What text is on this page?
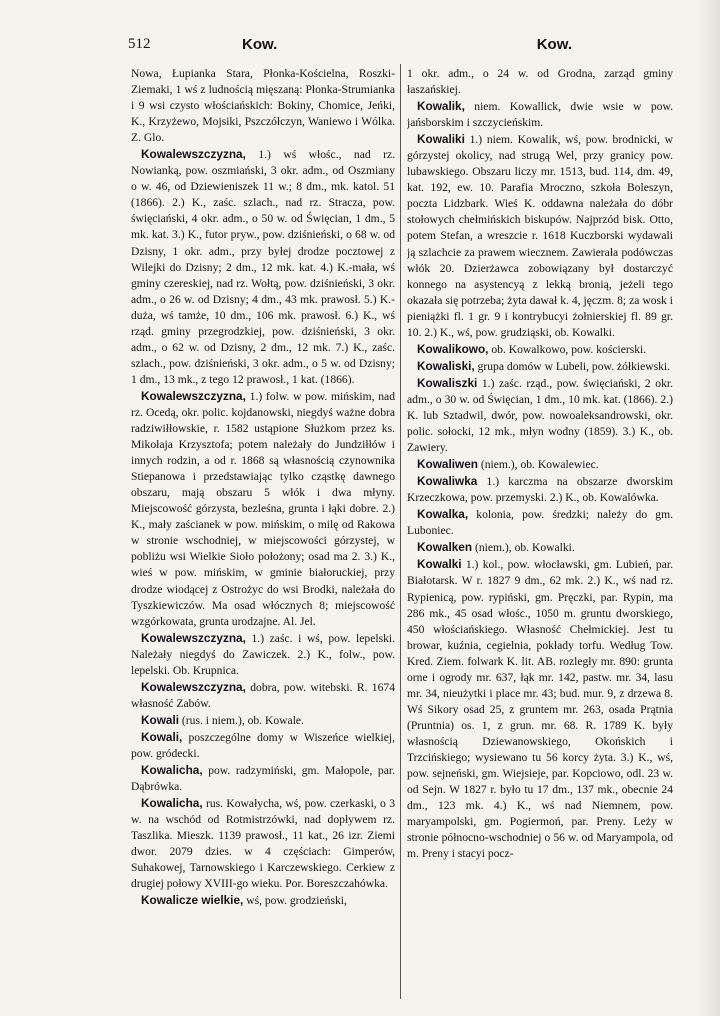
512	Kow.	Kow.

Nowa, Łupianka Stara, Płonka-Kościelna, Roszki-Ziemaki, 1 wś z ludnością mięszaną: Płonka-Strumianka i 9 wsi czysto włościańskich: Bokiny, Chomice, Jeńki, K., Krzyżewo, Mojsiki, Pszczółczyn, Waniewo i Wólka. Z. Glo.

Kowalewszczyzna, 1.) wś włośc., nad rz. Nowianką, pow. oszmiański, 3 okr. adm., od Oszmiany o w. 46, od Dziewieniszek 11 w.; 8 dm., mk. katol. 51 (1866). 2.) K., zaśc. szlach., nad rz. Stracza, pow. święciański, 4 okr. adm., o 50 w. od Święcian, 1 dm., 5 mk. kat. 3.) K., futor pryw., pow. dziśnieński, o 68 w. od Dzisny, 1 okr. adm., przy byłej drodze pocztowej z Wilejki do Dzisny; 2 dm., 12 mk. kat. 4.) K.-mała, wś gminy czereskiej, nad rz. Wołtą, pow. dziśnieński, 3 okr. adm., o 26 w. od Dzisny; 4 dm., 43 mk. prawosł. 5.) K.-duża, wś tamże, 10 dm., 106 mk. prawosł. 6.) K., wś rząd. gminy przegrodzkiej, pow. dziśnieński, 3 okr. adm., o 62 w. od Dzisny, 2 dm., 12 mk. 7.) K., zaśc. szlach., pow. dziśnieński, 3 okr. adm., o 5 w. od Dzisny; 1 dm., 13 mk., z tego 12 prawosł., 1 kat. (1866).

Kowalewszczyzna, 1.) folw. w pow. mińskim, nad rz. Ocedą, okr. polic. kojdanowski, niegdyś ważne dobra radziwiłłowskie, r. 1582 ustąpione Służkom przez ks. Mikołaja Krzysztofa; potem należały do Jundziłłów i innych rodzin, a od r. 1868 są własnością czynownika Stiepanowa i przedstawiając tylko cząstkę dawnego obszaru, mają obszaru 5 włók i dwa młyny. Miejscowość górzysta, bezleśna, grunta i łąki dobre. 2.) K., mały zaścianek w pow. mińskim, o milę od Rakowa w stronie wschodniej, w miejscowości górzystej, w pobliżu wsi Wielkie Sioło położony; osad ma 2. 3.) K., wieś w pow. mińskim, w gminie białoruckiej, przy drodze wiodącej z Ostrożyc do wsi Brodki, należała do Tyszkiewiczów. Ma osad włócznych 8; miejscowość wzgórkowata, grunta urodzajne. Al. Jel.

Kowalewszczyzna, 1.) zaśc. i wś, pow. lepelski. Należały niegdyś do Zawiczek. 2.) K., folw., pow. lepelski. Ob. Krupnica.

Kowalewszczyzna, dobra, pow. witebski. R. 1674 własność Zabów.

Kowali (rus. i niem.), ob. Kowale.

Kowali, poszczególne domy w Wiszeńce wielkiej, pow. gródecki.

Kowalicha, pow. radzymiński, gm. Małopole, par. Dąbrówka.

Kowalicha, rus. Kowałycha, wś, pow. czerkaski, o 3 w. na wschód od Rotmistrzówki, nad dopływem rz. Taszlika. Mieszk. 1139 prawosł., 11 kat., 26 izr. Ziemi dwor. 2079 dzies. w 4 częściach: Gimperów, Suhakowej, Tarnowskiego i Karczewskiego. Cerkiew z drugiej połowy XVIII-go wieku. Por. Boreszczahówka.

Kowalicze wielkie, wś, pow. grodzieński,

1 okr. adm., o 24 w. od Grodna, zarząd gminy łaszańskiej.

Kowalik, niem. Kowallick, dwie wsie w pow. jańsborskim i szczycieńskim.

Kowaliki 1.) niem. Kowalik, wś, pow. brodnicki, w górzystej okolicy, nad strugą Wel, przy granicy pow. lubawskiego. Obszaru liczy mr. 1513, bud. 114, dm. 49, kat. 192, ew. 10. Parafia Mroczno, szkoła Boleszyn, poczta Lidzbark. Wieś K. oddawna należała do dóbr stołowych chełmińskich biskupów. Najprzód bisk. Otto, potem Stefan, a wreszcie r. 1618 Kuczborski wydawali ją szlachcie za prawem wiecznem. Zawierała podówczas włók 20. Dzierżawca zobowiązany był dostarczyć konnego na asystencyą z lekką bronią, jeżeli tego okazała się potrzeba; żyta dawał k. 4, jęczm. 8; za wosk i pieniążki fl. 1 gr. 9 i kontrybucyi żołnierskiej fl. 89 gr. 10. 2.) K., wś, pow. grudziąski, ob. Kowalki.

Kowalikowo, ob. Kowalkowo, pow. kościerski.

Kowaliski, grupa domów w Lubeli, pow. żółkiewski.

Kowaliszki 1.) zaśc. rząd., pow. święciański, 2 okr. adm., o 30 w. od Święcian, 1 dm., 10 mk. kat. (1866). 2.) K. lub Sztadwil, dwór, pow. nowoaleksandrowski, okr. polic. sołocki, 12 mk., młyn wodny (1859). 3.) K., ob. Zawiery.

Kowaliwen (niem.), ob. Kowalewiec.

Kowaliwka 1.) karczma na obszarze dworskim Krzeczkowa, pow. przemyski. 2.) K., ob. Kowalówka.

Kowalka, kolonia, pow. średzki; należy do gm. Luboniec.

Kowalken (niem.), ob. Kowalki.

Kowalki 1.) kol., pow. włocławski, gm. Lubień, par. Białotarsk. W r. 1827 9 dm., 62 mk. 2.) K., wś nad rz. Rypienicą, pow. rypiński, gm. Pręczki, par. Rypin, ma 286 mk., 45 osad włośc., 1050 m. gruntu dworskiego, 450 włościańskiego. Własność Chełmickiej. Jest tu browar, kuźnia, cegielnia, pokłady torfu. Według Tow. Kred. Ziem. folwark K. lit. AB. rozległy mr. 890: grunta orne i ogrody mr. 637, łąk mr. 142, pastw. mr. 34, lasu mr. 34, nieużytki i place mr. 43; bud. mur. 9, z drzewa 8. Wś Sikory osad 25, z gruntem mr. 263, osada Prątnia (Pruntnia) os. 1, z grun. mr. 68. R. 1789 K. były własnością Dziewanowskiego, Okońskich i Trzcińskiego; wysiewano tu 56 korcy żyta. 3.) K., wś, pow. sejneński, gm. Wiejsieje, par. Kopciowo, odl. 23 w. od Sejn. W 1827 r. było tu 17 dm., 137 mk., obecnie 24 dm., 123 mk. 4.) K., wś nad Niemnem, pow. maryampolski, gm. Pogiermoń, par. Preny. Leży w stronie północno-wschodniej o 56 w. od Maryampola, od m. Preny i stacyi pocz-
